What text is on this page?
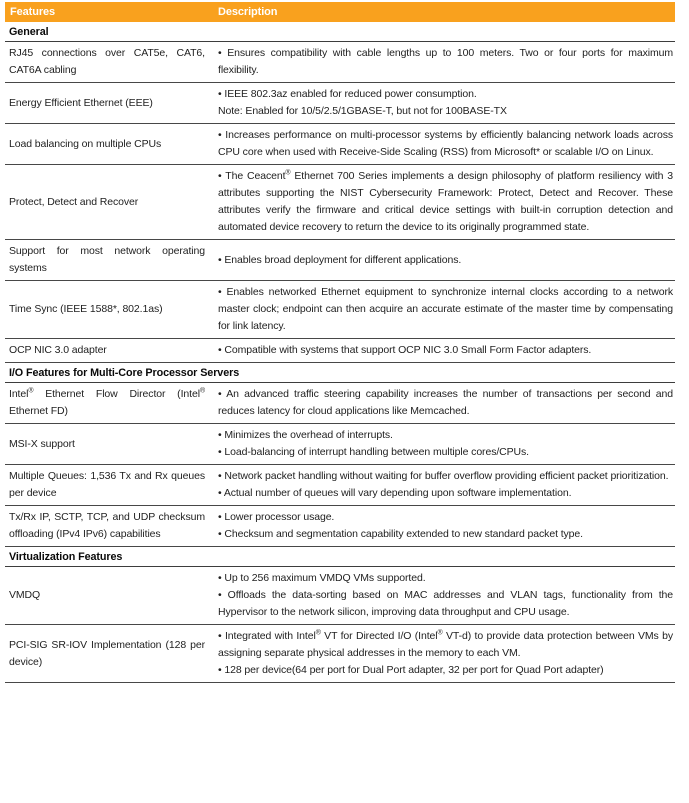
Features	Description
General

RJ45 connections over CAT5e, CAT6, CAT6A cabling

• Ensures compatibility with cable lengths up to 100 meters. Two or four ports for maximum flexibility.

Energy Efficient Ethernet (EEE)

• IEEE 802.3az enabled for reduced power consumption.

Note: Enabled for 10/5/2.5/1GBASE-T, but not for 100BASE-TX

Load balancing on multiple CPUs

• Increases performance on multi-processor systems by efficiently balancing network loads across CPU core when used with Receive-Side Scaling (RSS) from Microsoft* or scalable I/O on Linux.

Protect, Detect and Recover

• The Ceacent® Ethernet 700 Series implements a design philosophy of platform resiliency with 3 attributes supporting the NIST Cybersecurity Framework: Protect, Detect and Recover. These attributes verify the firmware and critical device settings with built-in corruption detection and automated device recovery to return the device to its originally programmed state.

Support for most network operating systems

• Enables broad deployment for different applications.

Time Sync (IEEE 1588*, 802.1as)

• Enables networked Ethernet equipment to synchronize internal clocks according to a network master clock; endpoint can then acquire an accurate estimate of the master time by compensating for link latency.

OCP NIC 3.0 adapter	• Compatible with systems that support OCP NIC 3.0 Small Form Factor adapters.

I/O Features for Multi-Core Processor Servers

Intel® Ethernet Flow Director (Intel® Ethernet FD)

• An advanced traffic steering capability increases the number of transactions per second and reduces latency for cloud applications like Memcached.

MSI-X support

• Minimizes the overhead of interrupts.

• Load-balancing of interrupt handling between multiple cores/CPUs.

Multiple Queues: 1,536 Tx and Rx queues per device

• Network packet handling without waiting for buffer overflow providing efficient packet prioritization.

• Actual number of queues will vary depending upon software implementation.

Tx/Rx IP, SCTP, TCP, and UDP checksum offloading (IPv4 IPv6) capabilities

• Lower processor usage.

• Checksum and segmentation capability extended to new standard packet type.

Virtualization Features

VMDQ

• Up to 256 maximum VMDQ VMs supported.

• Offloads the data-sorting based on MAC addresses and VLAN tags, functionality from the Hypervisor to the network silicon, improving data throughput and CPU usage.

PCI-SIG SR-IOV Implementation (128 per device)

• Integrated with Intel® VT for Directed I/O (Intel® VT-d) to provide data protection between VMs by assigning separate physical addresses in the memory to each VM.

• 128 per device(64 per port for Dual Port adapter, 32 per port for Quad Port adapter)
